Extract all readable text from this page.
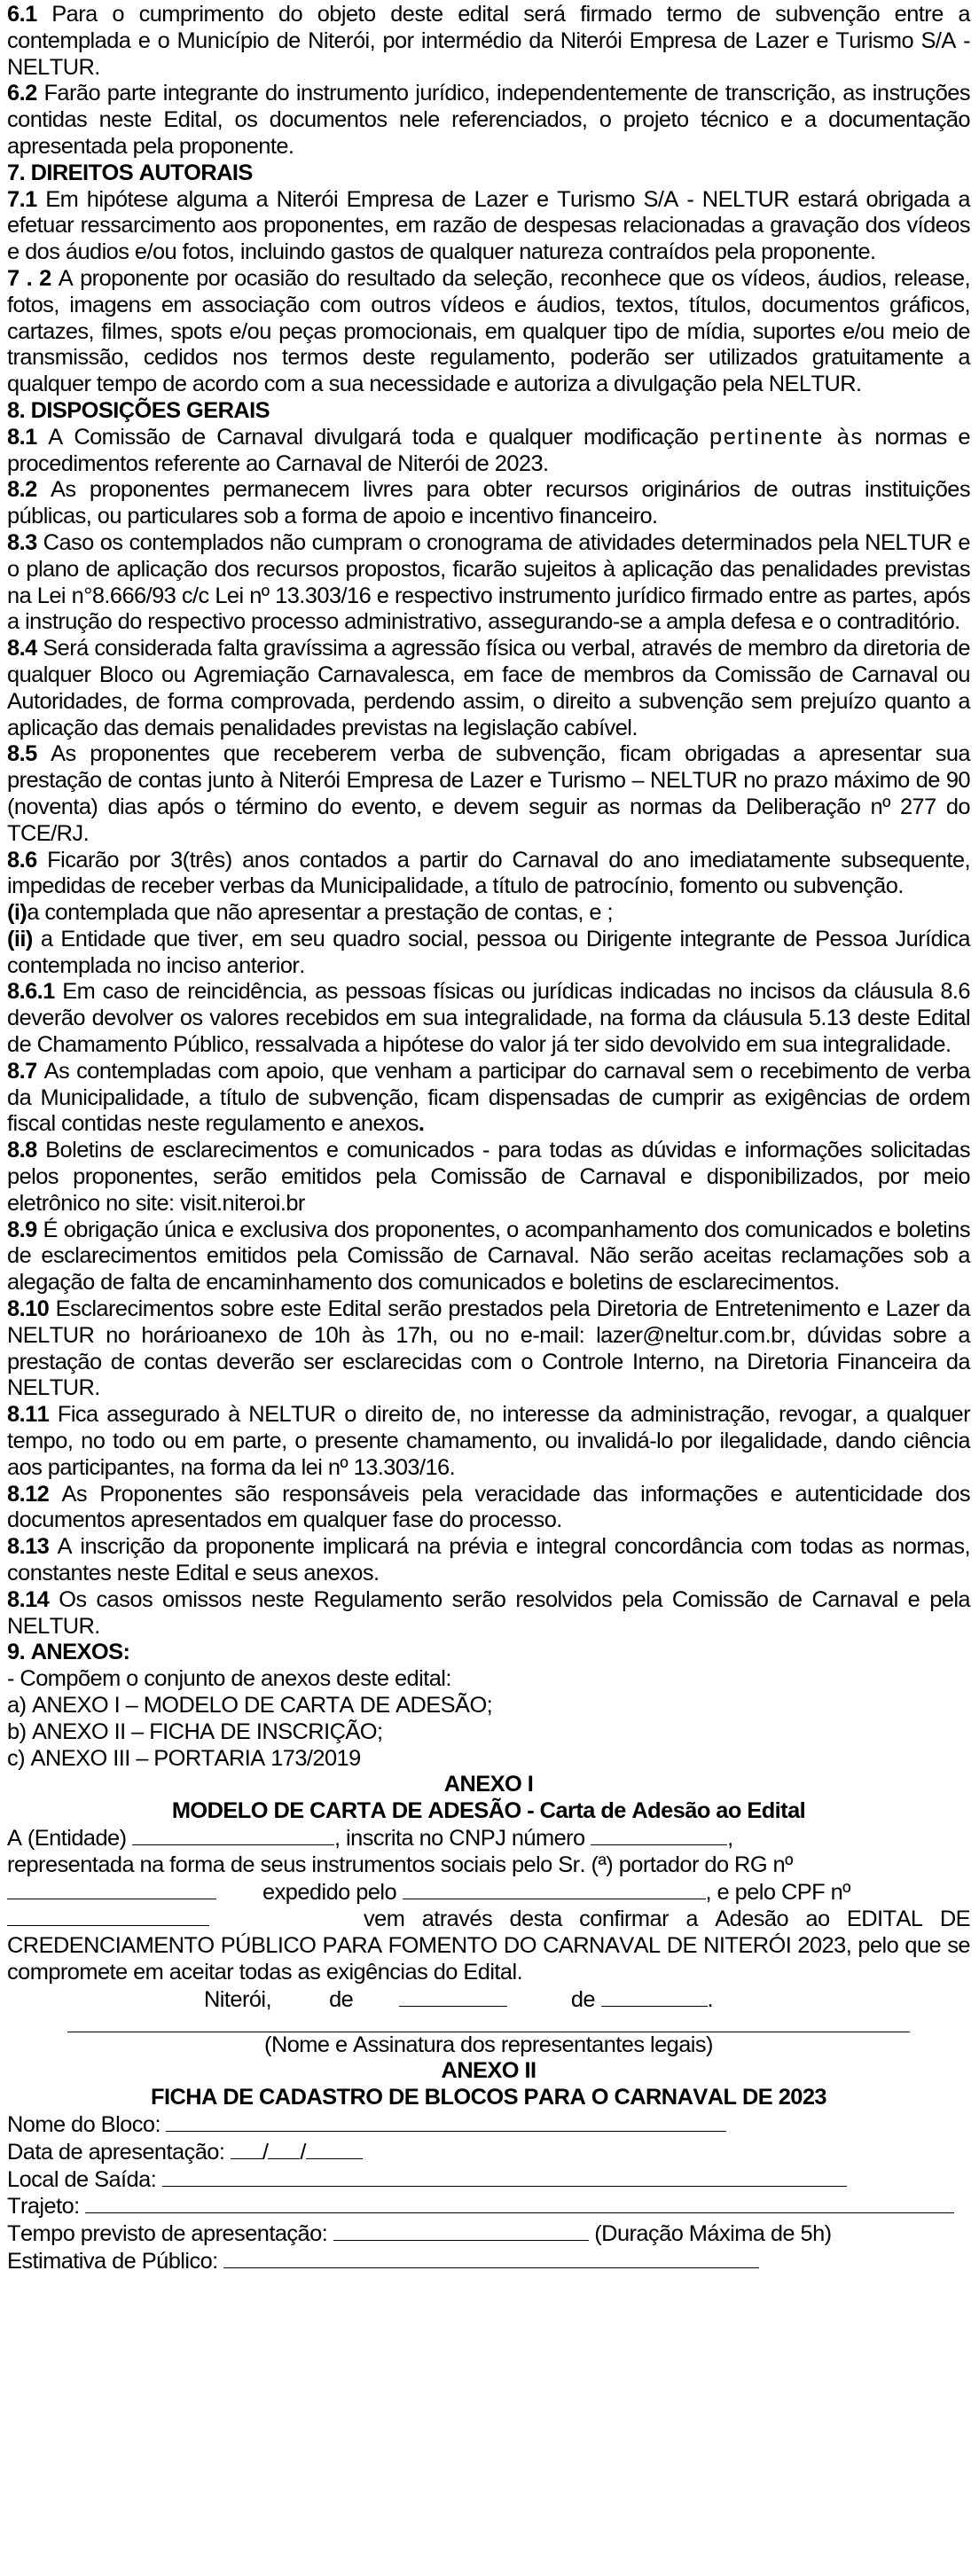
6.1 Para o cumprimento do objeto deste edital será firmado termo de subvenção entre a contemplada e o Município de Niterói, por intermédio da Niterói Empresa de Lazer e Turismo S/A - NELTUR.

6.2 Farão parte integrante do instrumento jurídico, independentemente de transcrição, as instruções contidas neste Edital, os documentos nele referenciados, o projeto técnico e a documentação apresentada pela proponente.

7. DIREITOS AUTORAIS

7.1 Em hipótese alguma a Niterói Empresa de Lazer e Turismo S/A - NELTUR estará obrigada a efetuar ressarcimento aos proponentes, em razão de despesas relacionadas a gravação dos vídeos e dos áudios e/ou fotos, incluindo gastos de qualquer natureza contraídos pela proponente.

7 . 2 A proponente por ocasião do resultado da seleção, reconhece que os vídeos, áudios, release, fotos, imagens em associação com outros vídeos e áudios, textos, títulos, documentos gráficos, cartazes, filmes, spots e/ou peças promocionais, em qualquer tipo de mídia, suportes e/ou meio de transmissão, cedidos nos termos deste regulamento, poderão ser utilizados gratuitamente a qualquer tempo de acordo com a sua necessidade e autoriza a divulgação pela NELTUR.

8. DISPOSIÇÕES GERAIS

8.1 A Comissão de Carnaval divulgará toda e qualquer modificação pertinente às normas e procedimentos referente ao Carnaval de Niterói de 2023.

8.2 As proponentes permanecem livres para obter recursos originários de outras instituições públicas, ou particulares sob a forma de apoio e incentivo financeiro.

8.3 Caso os contemplados não cumpram o cronograma de atividades determinados pela NELTUR e o plano de aplicação dos recursos propostos, ficarão sujeitos à aplicação das penalidades previstas na Lei n°8.666/93 c/c Lei nº 13.303/16 e respectivo instrumento jurídico firmado entre as partes, após a instrução do respectivo processo administrativo, assegurando-se a ampla defesa e o contraditório.

8.4 Será considerada falta gravíssima a agressão física ou verbal, através de membro da diretoria de qualquer Bloco ou Agremiação Carnavalesca, em face de membros da Comissão de Carnaval ou Autoridades, de forma comprovada, perdendo assim, o direito a subvenção sem prejuízo quanto a aplicação das demais penalidades previstas na legislação cabível.

8.5 As proponentes que receberem verba de subvenção, ficam obrigadas a apresentar sua prestação de contas junto à Niterói Empresa de Lazer e Turismo – NELTUR no prazo máximo de 90 (noventa) dias após o término do evento, e devem seguir as normas da Deliberação nº 277 do TCE/RJ.

8.6 Ficarão por 3(três) anos contados a partir do Carnaval do ano imediatamente subsequente, impedidas de receber verbas da Municipalidade, a título de patrocínio, fomento ou subvenção.

(i)a contemplada que não apresentar a prestação de contas, e ;

(ii) a Entidade que tiver, em seu quadro social, pessoa ou Dirigente integrante de Pessoa Jurídica contemplada no inciso anterior.

8.6.1 Em caso de reincidência, as pessoas físicas ou jurídicas indicadas no incisos da cláusula 8.6 deverão devolver os valores recebidos em sua integralidade, na forma da cláusula 5.13 deste Edital de Chamamento Público, ressalvada a hipótese do valor já ter sido devolvido em sua integralidade.

8.7 As contempladas com apoio, que venham a participar do carnaval sem o recebimento de verba da Municipalidade, a título de subvenção, ficam dispensadas de cumprir as exigências de ordem fiscal contidas neste regulamento e anexos.

8.8 Boletins de esclarecimentos e comunicados - para todas as dúvidas e informações solicitadas pelos proponentes, serão emitidos pela Comissão de Carnaval e disponibilizados, por meio eletrônico no site: visit.niteroi.br

8.9 É obrigação única e exclusiva dos proponentes, o acompanhamento dos comunicados e boletins de esclarecimentos emitidos pela Comissão de Carnaval. Não serão aceitas reclamações sob a alegação de falta de encaminhamento dos comunicados e boletins de esclarecimentos.

8.10 Esclarecimentos sobre este Edital serão prestados pela Diretoria de Entretenimento e Lazer da NELTUR no horárioanexo de 10h às 17h, ou no e-mail: lazer@neltur.com.br, dúvidas sobre a prestação de contas deverão ser esclarecidas com o Controle Interno, na Diretoria Financeira da NELTUR.

8.11 Fica assegurado à NELTUR o direito de, no interesse da administração, revogar, a qualquer tempo, no todo ou em parte, o presente chamamento, ou invalidá-lo por ilegalidade, dando ciência aos participantes, na forma da lei nº 13.303/16.

8.12 As Proponentes são responsáveis pela veracidade das informações e autenticidade dos documentos apresentados em qualquer fase do processo.

8.13 A inscrição da proponente implicará na prévia e integral concordância com todas as normas, constantes neste Edital e seus anexos.

8.14 Os casos omissos neste Regulamento serão resolvidos pela Comissão de Carnaval e pela NELTUR.

9. ANEXOS:

- Compõem o conjunto de anexos deste edital:

a) ANEXO I – MODELO DE CARTA DE ADESÃO;

b) ANEXO II – FICHA DE INSCRIÇÃO;

c) ANEXO III – PORTARIA 173/2019

ANEXO I

MODELO DE CARTA DE ADESÃO - Carta de Adesão ao Edital

A (Entidade)	, inscrita no CNPJ número	,

representada na forma de seus instrumentos sociais pelo Sr. (ª) portador do RG nº

expedido pelo	, e pelo CPF nº

vem através desta confirmar a Adesão ao EDITAL DE CREDENCIAMENTO PÚBLICO PARA FOMENTO DO CARNAVAL DE NITERÓI 2023, pelo que se compromete em aceitar todas as exigências do Edital.

Niterói,	de	de	.

(Nome e Assinatura dos representantes legais)

ANEXO II

FICHA DE CADASTRO DE BLOCOS PARA O CARNAVAL DE 2023

Nome do Bloco:

Data de apresentação: / /

Local de Saída:

Trajeto:

Tempo previsto de apresentação:	(Duração Máxima de 5h)

Estimativa de Público:
